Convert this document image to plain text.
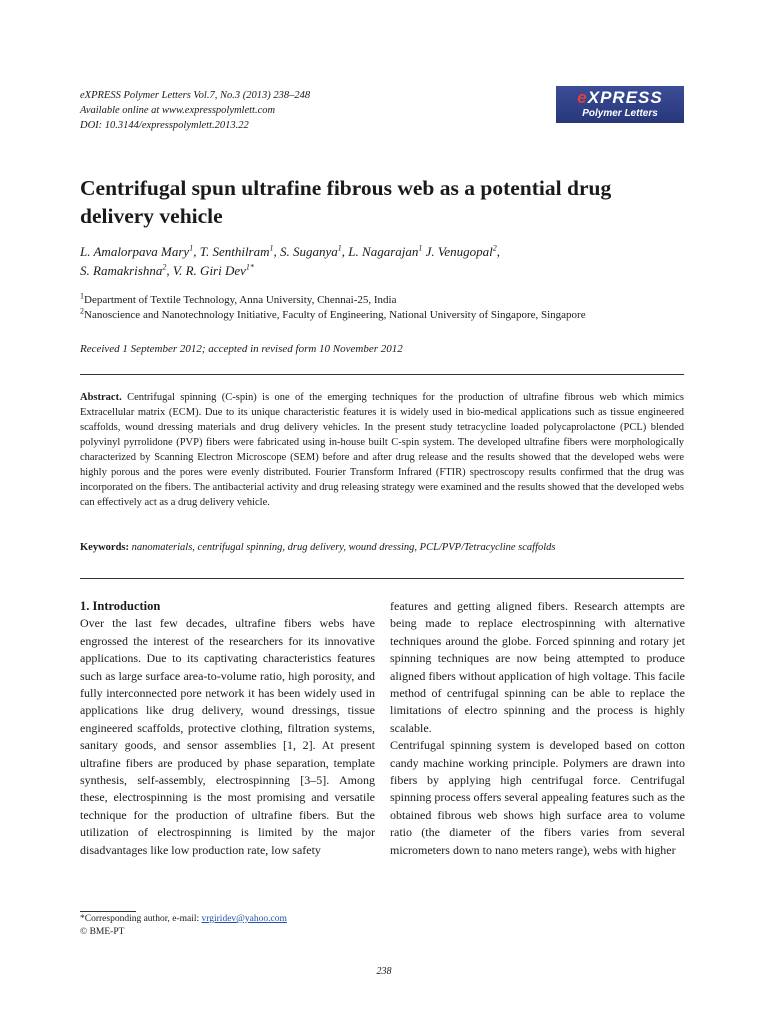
eXPRESS Polymer Letters Vol.7, No.3 (2013) 238–248
Available online at www.expresspolymlett.com
DOI: 10.3144/expresspolymlett.2013.22
eXPRESS
Polymer Letters
Centrifugal spun ultrafine fibrous web as a potential drug delivery vehicle
L. Amalorpava Mary$^1$, T. Senthilram$^1$, S. Suganya$^1$, L. Nagarajan$^1$ J. Venugopal$^2$,
S. Ramakrishna$^2$, V. R. Giri Dev$^{1*}$
$^1$Department of Textile Technology, Anna University, Chennai-25, India
$^2$Nanoscience and Nanotechnology Initiative, Faculty of Engineering, National University of Singapore, Singapore
Received 1 September 2012; accepted in revised form 10 November 2012
Abstract. Centrifugal spinning (C-spin) is one of the emerging techniques for the production of ultrafine fibrous web which mimics Extracellular matrix (ECM). Due to its unique characteristic features it is widely used in bio-medical applications such as tissue engineered scaffolds, wound dressing materials and drug delivery vehicles. In the present study tetracycline loaded polycaprolactone (PCL) blended polyvinyl pyrrolidone (PVP) fibers were fabricated using in-house built C-spin system. The developed ultrafine fibers were morphologically characterized by Scanning Electron Microscope (SEM) before and after drug release and the results showed that the developed webs were highly porous and the pores were evenly distributed. Fourier Transform Infrared (FTIR) spectroscopy results confirmed that the drug was incorporated on the fibers. The antibacterial activity and drug releasing strategy were examined and the results showed that the developed webs can effectively act as a drug delivery vehicle.
Keywords: nanomaterials, centrifugal spinning, drug delivery, wound dressing, PCL/PVP/Tetracycline scaffolds
1. Introduction

Over the last few decades, ultrafine fibers webs have engrossed the interest of the researchers for its innovative applications. Due to its captivating characteristics features such as large surface area-to-volume ratio, high porosity, and fully interconnected pore network it has been widely used in applications like drug delivery, wound dressings, tissue engineered scaffolds, protective clothing, filtration systems, sanitary goods, and sensor assemblies [1, 2]. At present ultrafine fibers are produced by phase separation, template synthesis, self-assembly, electrospinning [3–5]. Among these, electrospinning is the most promising and versatile technique for the production of ultrafine fibers. But the utilization of electrospinning is limited by the major disadvantages like low production rate, low safety

features and getting aligned fibers. Research attempts are being made to replace electrospinning with alternative techniques around the globe. Forced spinning and rotary jet spinning techniques are now being attempted to produce aligned fibers without application of high voltage. This facile method of centrifugal spinning can be able to replace the limitations of electro spinning and the process is highly scalable.

Centrifugal spinning system is developed based on cotton candy machine working principle. Polymers are drawn into fibers by applying high centrifugal force. Centrifugal spinning process offers several appealing features such as the obtained fibrous web shows high surface area to volume ratio (the diameter of the fibers varies from several micrometers down to nano meters range), webs with higher

*Corresponding author, e-mail: vrgiridev@yahoo.com
© BME-PT
238
